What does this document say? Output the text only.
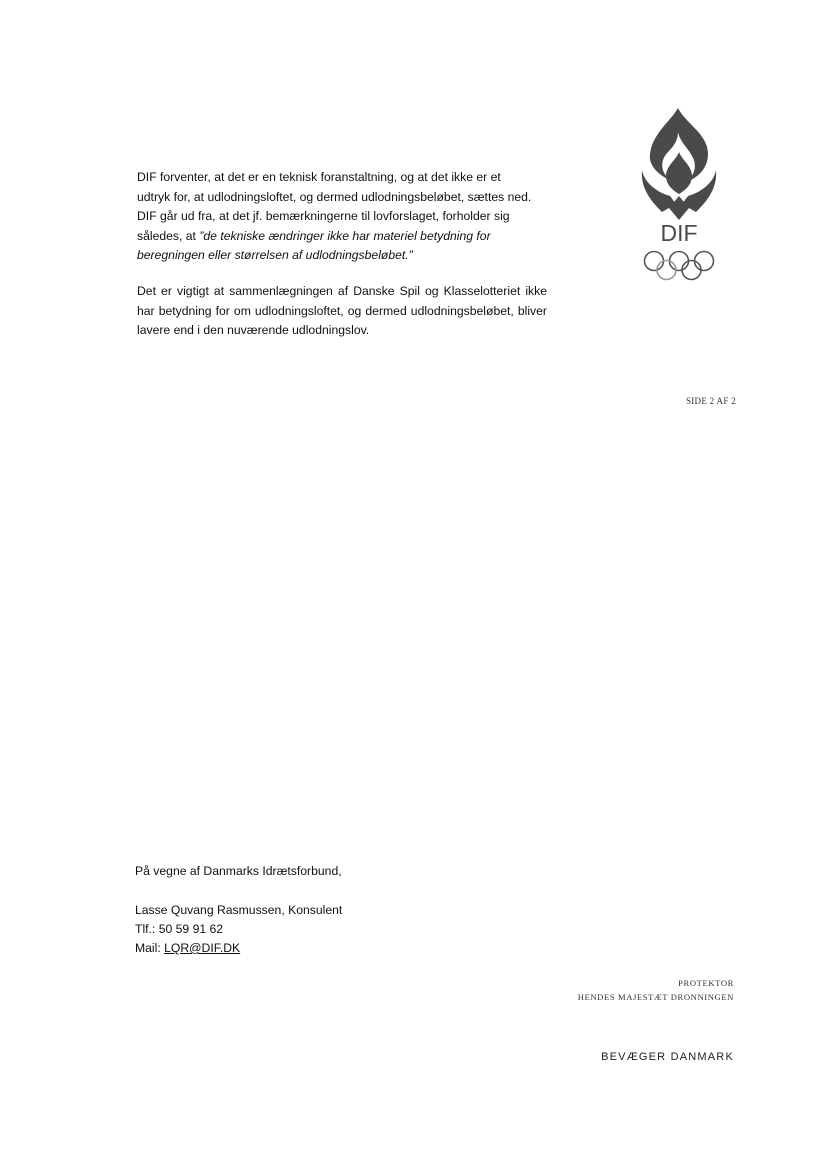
DIF

DIF forventer, at det er en teknisk foranstaltning, og at det ikke er et
udtryk for, at udlodningsloftet, og dermed udlodningsbeløbet, sættes ned.
DIF går ud fra, at det jf. bemærkningerne til lovforslaget, forholder sig
således, at ”de tekniske ændringer ikke har materiel betydning for
beregningen eller størrelsen af udlodningsbeløbet.”

Det er vigtigt at sammenlægningen af Danske Spil og Klasselotteriet ikke har betydning for om udlodningsloftet, og dermed udlodningsbeløbet, bliver lavere end i den nuværende udlodningslov.

SIDE 2 AF 2

På vegne af Danmarks Idrætsforbund,

Lasse Quvang Rasmussen, Konsulent

Tlf.: 50 59 91 62

Mail: LQR@DIF.DK

PROTEKTOR
HENDES MAJESTÆT DRONNINGEN
BEVÆGER DANMARK
